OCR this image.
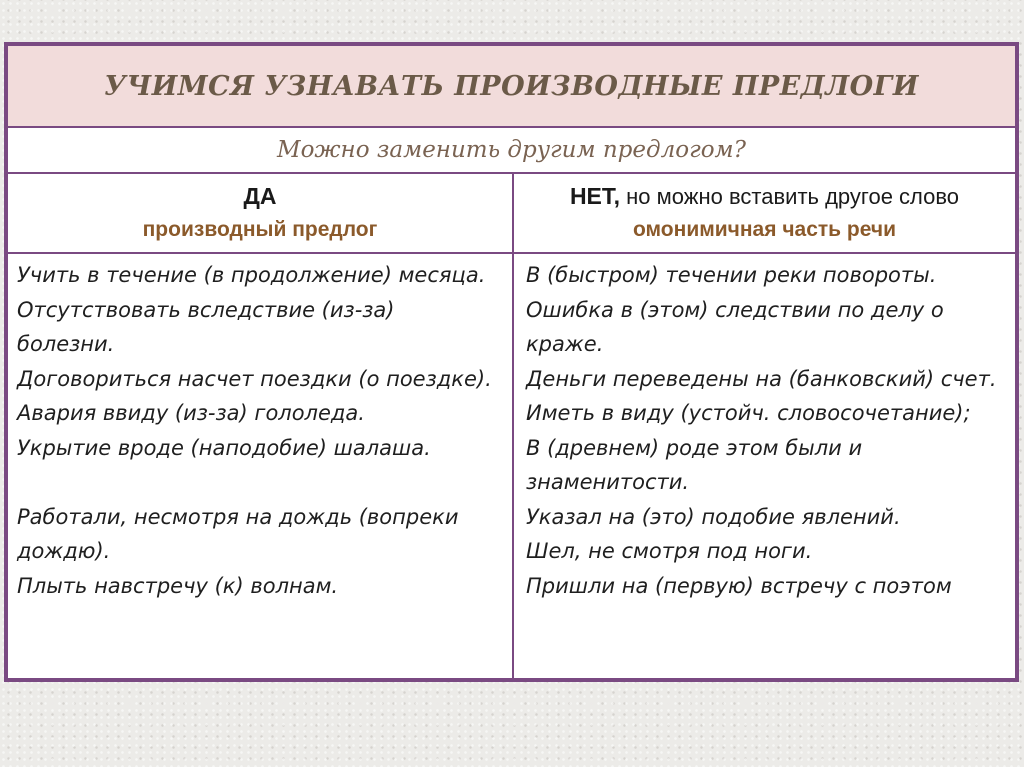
УЧИМСЯ УЗНАВАТЬ ПРОИЗВОДНЫЕ ПРЕДЛОГИ
Можно заменить другим предлогом?
ДА
производный предлог
НЕТ, но можно вставить другое слово
омонимичная часть речи
Учить в течение (в продолжение) месяца.
Отсутствовать вследствие (из-за)
болезни.
Договориться насчет поездки (о поездке).
Авария ввиду (из-за) гололеда.
Укрытие вроде (наподобие) шалаша.
Работали, несмотря на дождь (вопреки
дождю).
Плыть навстречу (к) волнам.
В (быстром) течении реки повороты.
Ошибка в (этом) следствии по делу о
краже.
Деньги переведены на (банковский) счет.
Иметь в виду (устойч. словосочетание);
В (древнем) роде этом были и
знаменитости.
Указал на (это) подобие явлений.
Шел, не смотря под ноги.
Пришли на (первую) встречу с поэтом
